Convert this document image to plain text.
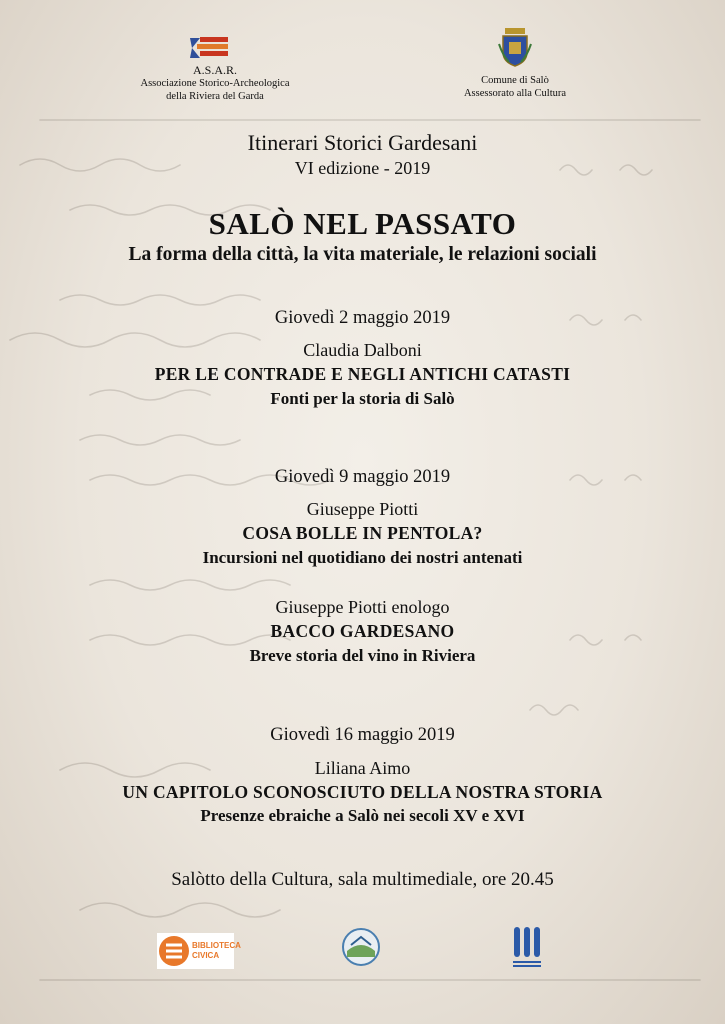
A.S.A.R.
Associazione Storico-Archeologica
della Riviera del Garda
Comune di Salò
Assessorato alla Cultura
Itinerari Storici Gardesani
VI edizione - 2019
SALÒ NEL PASSATO
La forma della città, la vita materiale, le relazioni sociali
Giovedì 2 maggio 2019
Claudia Dalboni
PER LE CONTRADE E NEGLI ANTICHI CATASTI
Fonti per la storia di Salò
Giovedì 9 maggio 2019
Giuseppe Piotti
COSA BOLLE IN PENTOLA?
Incursioni nel quotidiano dei nostri antenati
Giuseppe Piotti enologo
BACCO GARDESANO
Breve storia del vino in Riviera
Giovedì 16 maggio 2019
Liliana Aimo
UN CAPITOLO SCONOSCIUTO DELLA NOSTRA STORIA
Presenze ebraiche a Salò nei secoli XV e XVI
Salòtto della Cultura, sala multimediale, ore 20.45
BIBLIOTECA
CIVICA
